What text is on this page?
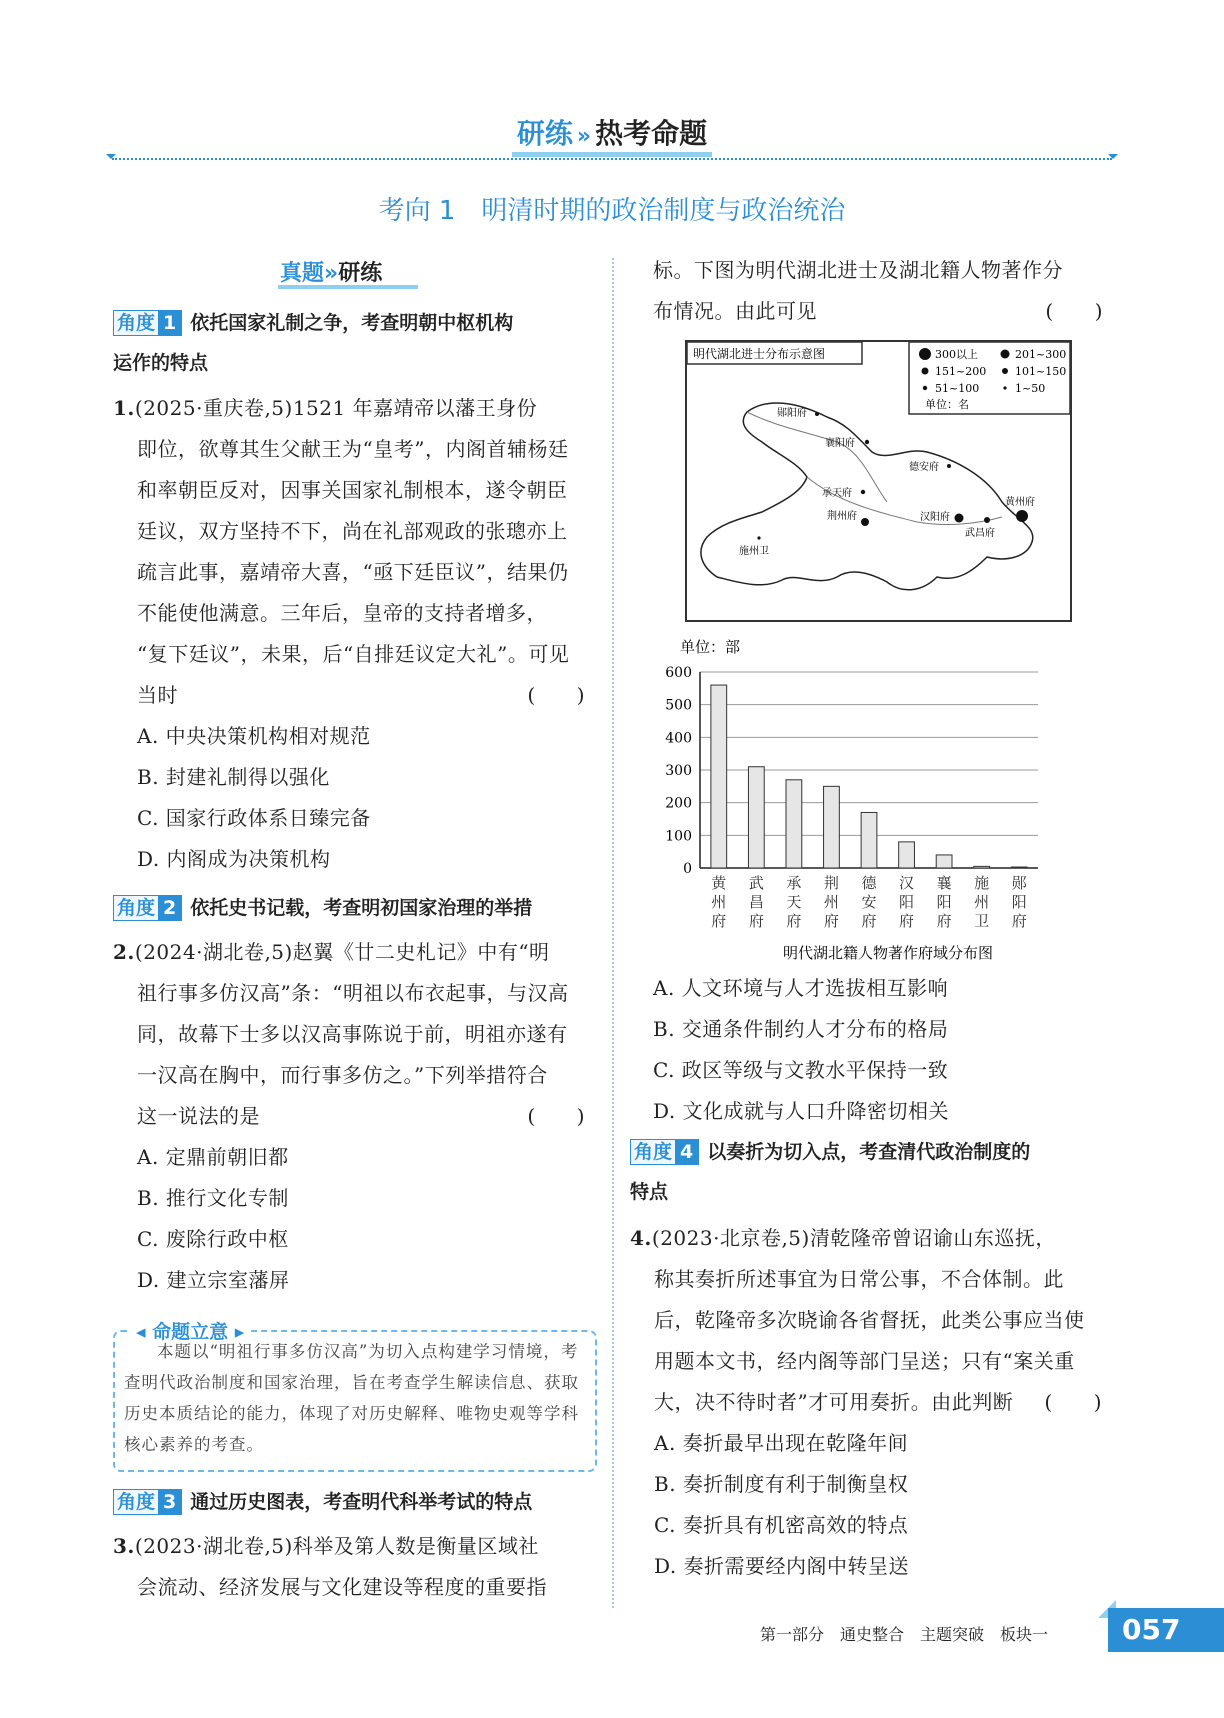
研练 » 热考命题
考向 1　明清时期的政治制度与政治统治
真题»研练
角度 1 依托国家礼制之争，考查明朝中枢机构
运作的特点
1.(2025·重庆卷,5)1521 年嘉靖帝以藩王身份
即位，欲尊其生父献王为“皇考”，内阁首辅杨廷
和率朝臣反对，因事关国家礼制根本，遂令朝臣
廷议，双方坚持不下，尚在礼部观政的张璁亦上
疏言此事，嘉靖帝大喜，“亟下廷臣议”，结果仍
不能使他满意。三年后，皇帝的支持者增多，
“复下廷议”，未果，后“自排廷议定大礼”。可见
当时	(　　)
A. 中央决策机构相对规范
B. 封建礼制得以强化
C. 国家行政体系日臻完备
D. 内阁成为决策机构
角度 2 依托史书记载，考查明初国家治理的举措
2.(2024·湖北卷,5)赵翼《廿二史札记》中有“明
祖行事多仿汉高”条：“明祖以布衣起事，与汉高
同，故幕下士多以汉高事陈说于前，明祖亦遂有
一汉高在胸中，而行事多仿之。”下列举措符合
这一说法的是	(　　)
A. 定鼎前朝旧都
B. 推行文化专制
C. 废除行政中枢
D. 建立宗室藩屏
◂ 命题立意 ▸
本题以“明祖行事多仿汉高”为切入点构建学习情境，考查明代政治制度和国家治理，旨在考查学生解读信息、获取历史本质结论的能力，体现了对历史解释、唯物史观等学科核心素养的考查。
角度 3 通过历史图表，考查明代科举考试的特点
3.(2023·湖北卷,5)科举及第人数是衡量区域社
会流动、经济发展与文化建设等程度的重要指
标。下图为明代湖北进士及湖北籍人物著作分
布情况。由此可见	(　　)
明代湖北进士分布示意图	300以上	201~300
151~200	101~150
51~100	1~50
单位：名
郧阳府
襄阳府
德安府
承天府
荆州府	汉阳府
黄州府
武昌府
施州卫
单位：部
0
100
200
300
400
500
600
黄
州
府
武
昌
府
承
天
府
荆
州
府
德
安
府
汉
阳
府
襄
阳
府
施
州
卫
郧
阳
府
明代湖北籍人物著作府域分布图
A. 人文环境与人才选拔相互影响
B. 交通条件制约人才分布的格局
C. 政区等级与文教水平保持一致
D. 文化成就与人口升降密切相关
角度 4 以奏折为切入点，考查清代政治制度的
特点
4.(2023·北京卷,5)清乾隆帝曾诏谕山东巡抚，
称其奏折所述事宜为日常公事，不合体制。此
后，乾隆帝多次晓谕各省督抚，此类公事应当使
用题本文书，经内阁等部门呈送；只有“案关重
大，决不待时者”才可用奏折。由此判断 (　　)
A. 奏折最早出现在乾隆年间
B. 奏折制度有利于制衡皇权
C. 奏折具有机密高效的特点
D. 奏折需要经内阁中转呈送
第一部分　通史整合　主题突破　板块一	057
